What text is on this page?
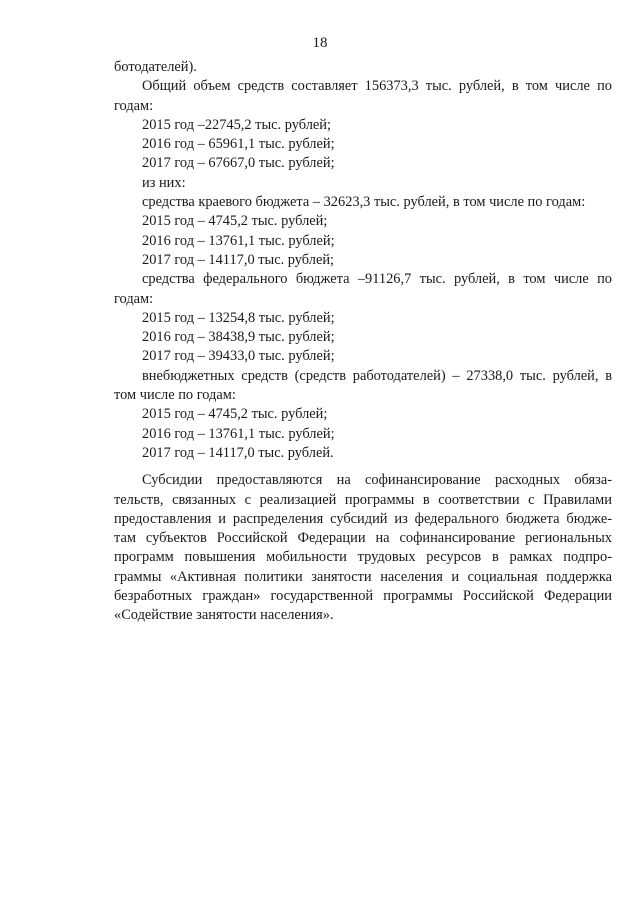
18
ботодателей).
Общий объем средств составляет 156373,3 тыс. рублей, в том числе по
годам:
2015 год –22745,2 тыс. рублей;
2016 год – 65961,1 тыс. рублей;
2017 год – 67667,0 тыс. рублей;
из них:
средства краевого бюджета – 32623,3 тыс. рублей, в том числе по годам:
2015 год – 4745,2 тыс. рублей;
2016 год – 13761,1 тыс. рублей;
2017 год – 14117,0 тыс. рублей;
средства федерального бюджета –91126,7 тыс. рублей, в том числе по
годам:
2015 год – 13254,8 тыс. рублей;
2016 год – 38438,9 тыс. рублей;
2017 год – 39433,0 тыс. рублей;
внебюджетных средств (средств работодателей) – 27338,0 тыс. рублей, в
том числе по годам:
2015 год – 4745,2 тыс. рублей;
2016 год – 13761,1 тыс. рублей;
2017 год – 14117,0 тыс. рублей.
Субсидии предоставляются на софинансирование расходных обяза-
тельств, связанных с реализацией программы в соответствии с Правилами
предоставления и распределения субсидий из федерального бюджета бюдже-
там субъектов Российской Федерации на софинансирование региональных
программ повышения мобильности трудовых ресурсов в рамках подпро-
граммы «Активная политики занятости населения и социальная поддержка
безработных граждан» государственной программы Российской Федерации
«Содействие занятости населения».
